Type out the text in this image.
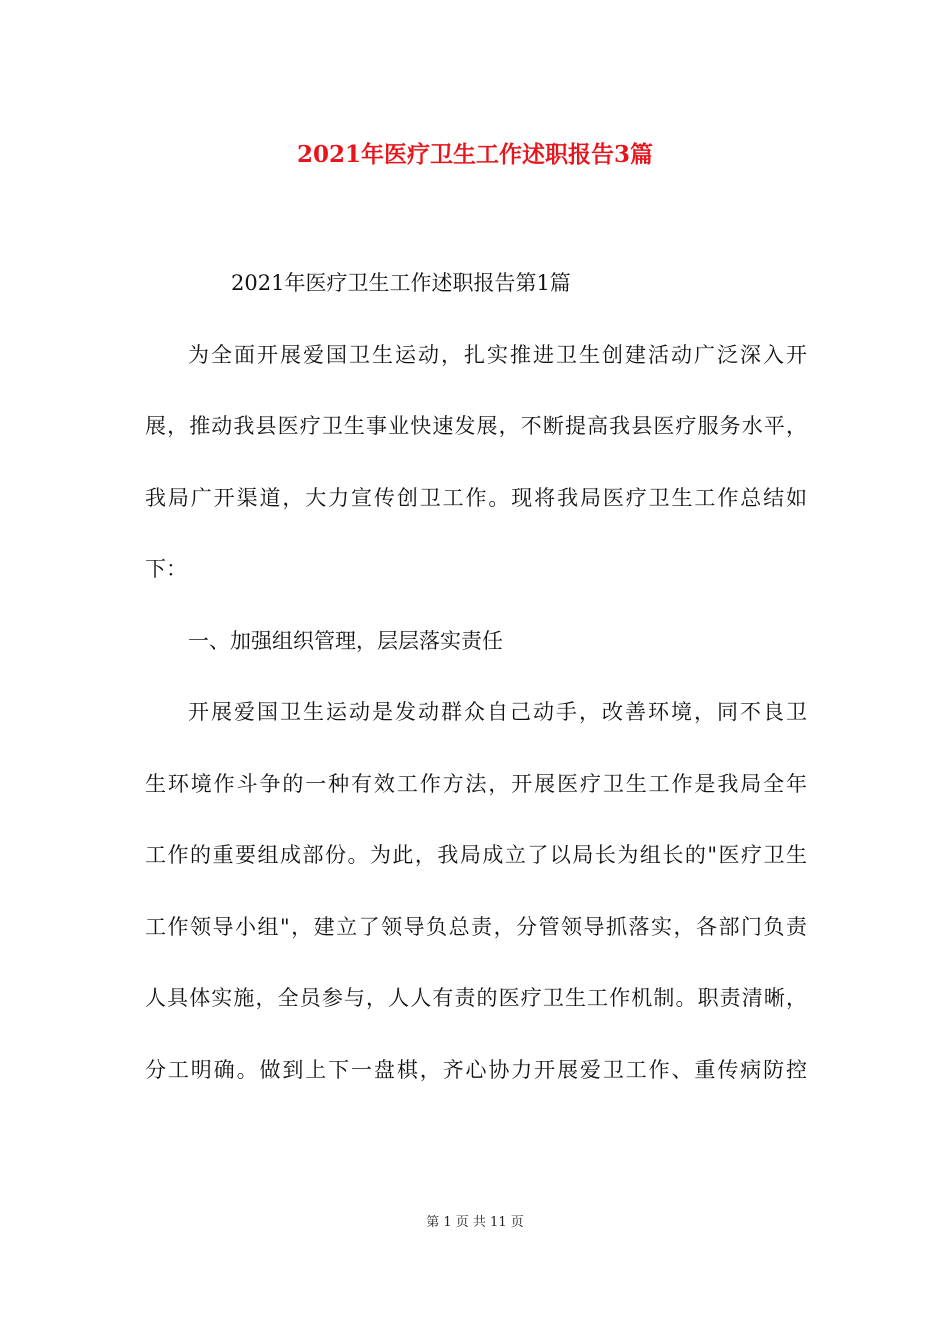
2021年医疗卫生工作述职报告3篇
2021年医疗卫生工作述职报告第1篇
为全面开展爱国卫生运动，扎实推进卫生创建活动广泛深入开
展，推动我县医疗卫生事业快速发展，不断提高我县医疗服务水平，
我局广开渠道，大力宣传创卫工作。现将我局医疗卫生工作总结如
下：
一、加强组织管理，层层落实责任
开展爱国卫生运动是发动群众自己动手，改善环境，同不良卫
生环境作斗争的一种有效工作方法，开展医疗卫生工作是我局全年
工作的重要组成部份。为此，我局成立了以局长为组长的"医疗卫生
工作领导小组"，建立了领导负总责，分管领导抓落实，各部门负责
人具体实施，全员参与，人人有责的医疗卫生工作机制。职责清晰，
分工明确。做到上下一盘棋，齐心协力开展爱卫工作、重传病防控
第 1 页 共 11 页
